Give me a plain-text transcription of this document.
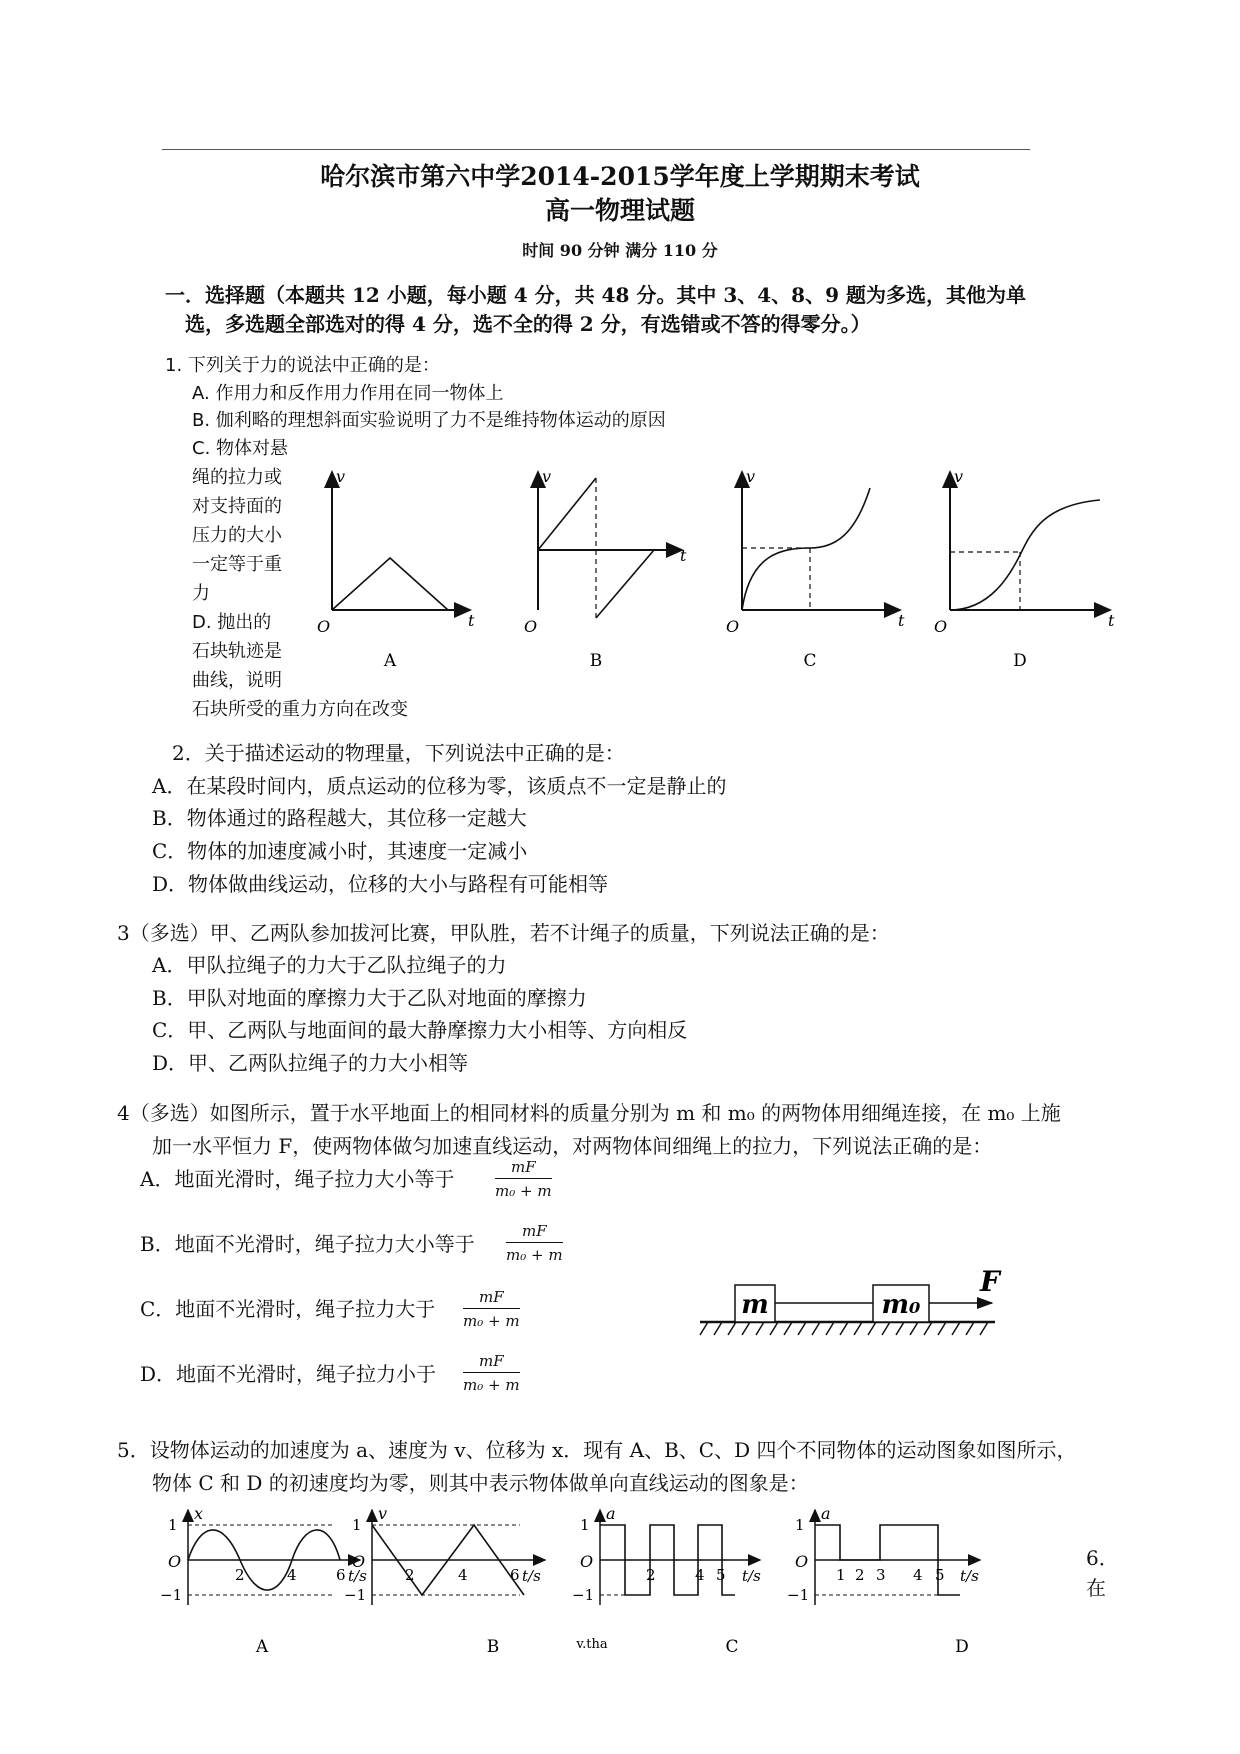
哈尔滨市第六中学2014-2015学年度上学期期末考试
高一物理试题
时间 90 分钟 满分 110 分
一．选择题（本题共 12 小题，每小题 4 分，共 48 分。其中 3、4、8、9 题为多选，其他为单
选，多选题全部选对的得 4 分，选不全的得 2 分，有选错或不答的得零分。）
1. 下列关于力的说法中正确的是：
A. 作用力和反作用力作用在同一物体上
B. 伽利略的理想斜面实验说明了力不是维持物体运动的原因
C. 物体对悬
绳的拉力或
对支持面的
压力的大小
一定等于重
力
D. 抛出的
石块轨迹是
曲线，说明
石块所受的重力方向在改变
v
t
O
v
t
O
v
t
O
v
t
O
A	B	C	D
2．关于描述运动的物理量，下列说法中正确的是：
A．在某段时间内，质点运动的位移为零，该质点不一定是静止的
B．物体通过的路程越大，其位移一定越大
C．物体的加速度减小时，其速度一定减小
D．物体做曲线运动，位移的大小与路程有可能相等
3（多选）甲、乙两队参加拔河比赛，甲队胜，若不计绳子的质量，下列说法正确的是：
A．甲队拉绳子的力大于乙队拉绳子的力
B．甲队对地面的摩擦力大于乙队对地面的摩擦力
C．甲、乙两队与地面间的最大静摩擦力大小相等、方向相反
D．甲、乙两队拉绳子的力大小相等
4（多选）如图所示，置于水平地面上的相同材料的质量分别为 m 和 m₀ 的两物体用细绳连接，在 m₀ 上施
加一水平恒力 F，使两物体做匀加速直线运动，对两物体间细绳上的拉力，下列说法正确的是：
A．地面光滑时，绳子拉力大小等于	$\frac{mF}{\text{m₀ + m}}$
B．地面不光滑时，绳子拉力大小等于 $\frac{mF}{\text{m₀ + m}}$
C．地面不光滑时，绳子拉力大于 $\frac{mF}{\text{m₀ + m}}$
D．地面不光滑时，绳子拉力小于 $\frac{mF}{\text{m₀ + m}}$
m	m₀
F
5．设物体运动的加速度为 a、速度为 v、位移为 x．现有 A、B、C、D 四个不同物体的运动图象如图所示，
物体 C 和 D 的初速度均为零，则其中表示物体做单向直线运动的图象是：
x
1
−1
O
2	4	6 t/s
v
1
−1
O
2	4	6 t/s
a
1
−1
O
2	4 5 t/s
a
1
−1
O
1 2 3 4 5 t/s
A	B	v.tha	C	D
6．
在
